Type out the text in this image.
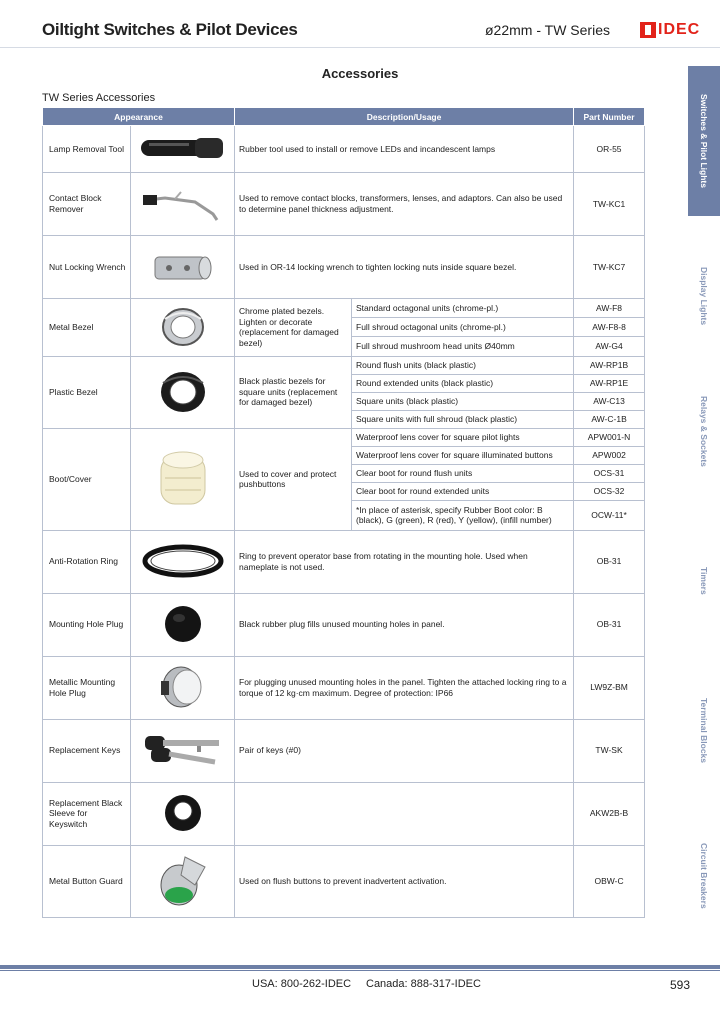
Oiltight Switches & Pilot Devices	ø22mm - TW Series	IDEC
Accessories
TW Series Accessories
Appearance		Description/Usage		Part Number
Lamp Removal Tool		Rubber tool used to install or remove LEDs and incandescent lamps		OR-55
Contact Block Remover		Used to remove contact blocks, transformers, lenses, and adaptors. Can also be used to determine panel thickness adjustment.		TW-KC1
Nut Locking Wrench		Used in OR-14 locking wrench to tighten locking nuts inside square bezel.		TW-KC7
Metal Bezel		Chrome plated bezels. Lighten or decorate (replacement for damaged bezel)	Standard octagonal units (chrome-pl.)	AW-F8
			Full shroud octagonal units (chrome-pl.)	AW-F8-8
			Full shroud mushroom head units Ø40mm	AW-G4
Plastic Bezel		Black plastic bezels for square units (replacement for damaged bezel)	Round flush units (black plastic)	AW-RP1B
			Round extended units (black plastic)	AW-RP1E
			Square units (black plastic)	AW-C13
			Square units with full shroud (black plastic)	AW-C-1B
Boot/Cover		Used to cover and protect pushbuttons	Waterproof lens cover for square pilot lights	APW001-N
			Waterproof lens cover for square illuminated buttons	APW002
			Clear boot for round flush units	OCS-31
			Clear boot for round extended units	OCS-32
			*In place of asterisk, specify Rubber Boot color: B (black), G (green), R (red), Y (yellow), (infill number)	OCW-11*
Anti-Rotation Ring		Ring to prevent operator base from rotating in the mounting hole. Used when nameplate is not used.		OB-31
Mounting Hole Plug		Black rubber plug fills unused mounting holes in panel.		OB-31
Metallic Mounting Hole Plug		For plugging unused mounting holes in the panel. Tighten the attached locking ring to a torque of 12 kg·cm maximum. Degree of protection: IP66		LW9Z-BM
Replacement Keys		Pair of keys (#0)		TW-SK
Replacement Black Sleeve for Keyswitch				AKW2B-B
Metal Button Guard		Used on flush buttons to prevent inadvertent activation.		OBW-C
Switches & Pilot Lights
Display Lights
Relays & Sockets
Timers
Terminal Blocks
Circuit Breakers
USA: 800-262-IDEC Canada: 888-317-IDEC	593
